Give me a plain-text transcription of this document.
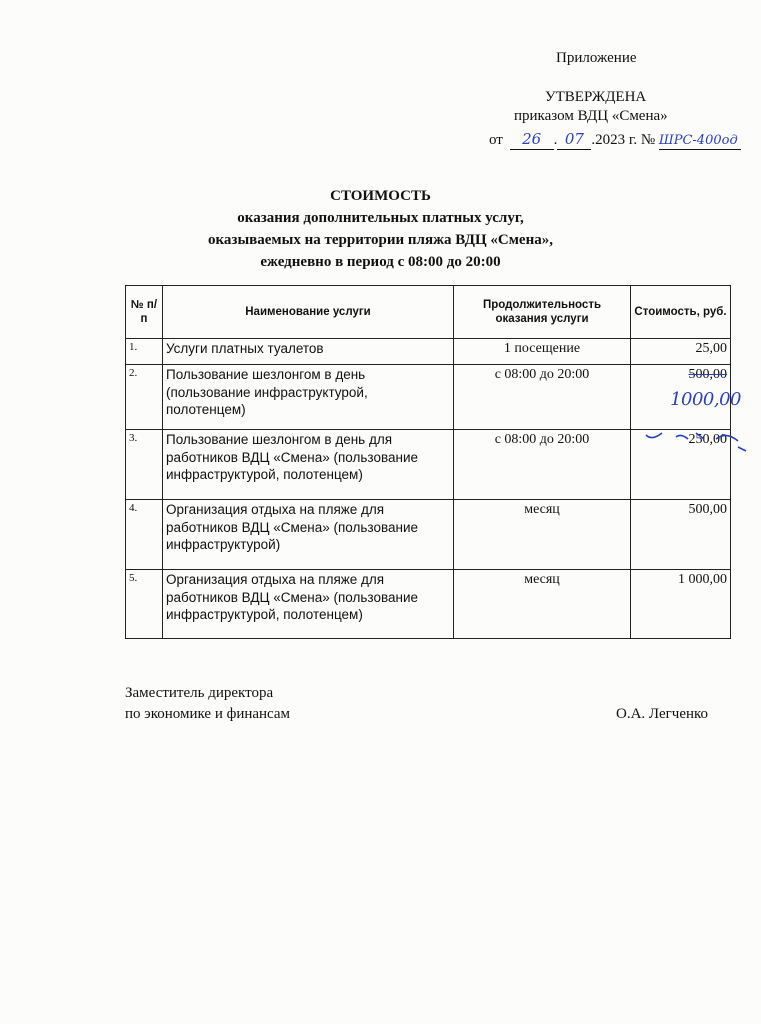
Приложение
УТВЕРЖДЕНА
приказом ВДЦ «Смена»
от 26 . 07 .2023 г. № ШРС-400од
СТОИМОСТЬ
оказания дополнительных платных услуг,
оказываемых на территории пляжа ВДЦ «Смена»,
ежедневно в период с 08:00 до 20:00
№ п/п	Наименование услуги	Продолжительность оказания услуги	Стоимость, руб.
1.	Услуги платных туалетов	1 посещение	25,00
2.	Пользование шезлонгом в день (пользование инфраструктурой, полотенцем)	с 08:00 до 20:00	500,00
1000,00

3.	Пользование шезлонгом в день для работников ВДЦ «Смена» (пользование инфраструктурой, полотенцем)	с 08:00 до 20:00	250,00
4.	Организация отдыха на пляже для работников ВДЦ «Смена» (пользование инфраструктурой)	месяц	500,00
5.	Организация отдыха на пляже для работников ВДЦ «Смена» (пользование инфраструктурой, полотенцем)	месяц	1 000,00
Заместитель директора
по экономике и финансам	О.А. Легченко
